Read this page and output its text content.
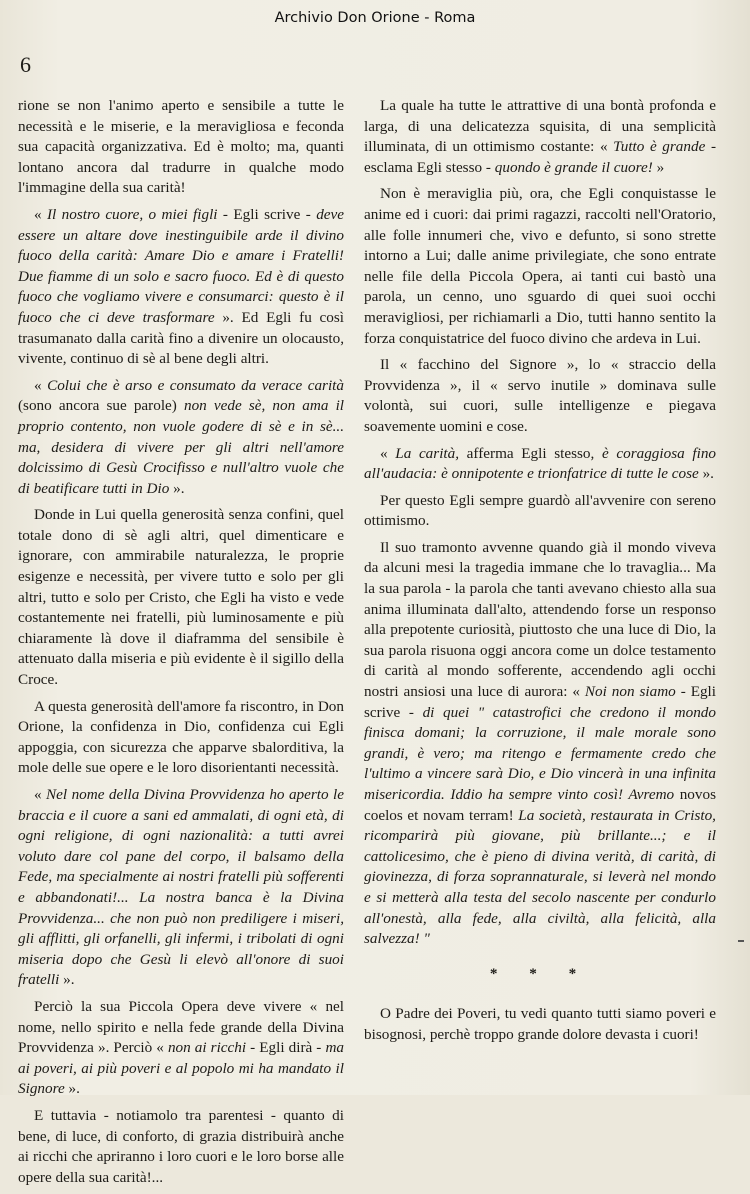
Archivio Don Orione - Roma
6

rione se non l'animo aperto e sensibile a tutte le necessità e le miserie, e la meravigliosa e feconda sua capacità organizzativa. Ed è molto; ma, quanti lontano ancora dal tradurre in qualche modo l'immagine della sua carità!

« Il nostro cuore, o miei figli - Egli scrive - deve essere un altare dove inestinguibile arde il divino fuoco della carità: Amare Dio e amare i Fratelli! Due fiamme di un solo e sacro fuoco. Ed è di questo fuoco che vogliamo vivere e consumarci: questo è il fuoco che ci deve trasformare ». Ed Egli fu così trasumanato dalla carità fino a divenire un olocausto, vivente, continuo di sè al bene degli altri.

« Colui che è arso e consumato da verace carità (sono ancora sue parole) non vede sè, non ama il proprio contento, non vuole godere di sè e in sè... ma, desidera di vivere per gli altri nell'amore dolcissimo di Gesù Crocifisso e null'altro vuole che di beatificare tutti in Dio ».

Donde in Lui quella generosità senza confini, quel totale dono di sè agli altri, quel dimenticare e ignorare, con ammirabile naturalezza, le proprie esigenze e necessità, per vivere tutto e solo per gli altri, tutto e solo per Cristo, che Egli ha visto e vede costantemente nei fratelli, più luminosamente e più chiaramente là dove il diaframma del sensibile è attenuato dalla miseria e più evidente è il sigillo della Croce.

A questa generosità dell'amore fa riscontro, in Don Orione, la confidenza in Dio, confidenza cui Egli appoggia, con sicurezza che apparve sbalorditiva, la mole delle sue opere e le loro disorientanti necessità.

« Nel nome della Divina Provvidenza ho aperto le braccia e il cuore a sani ed ammalati, di ogni età, di ogni religione, di ogni nazionalità: a tutti avrei voluto dare col pane del corpo, il balsamo della Fede, ma specialmente ai nostri fratelli più sofferenti e abbandonati!... La nostra banca è la Divina Provvidenza... che non può non prediligere i miseri, gli afflitti, gli orfanelli, gli infermi, i tribolati di ogni miseria dopo che Gesù li elevò all'onore di suoi fratelli ».

Perciò la sua Piccola Opera deve vivere « nel nome, nello spirito e nella fede grande della Divina Provvidenza ». Perciò « non ai ricchi - Egli dirà - ma ai poveri, ai più poveri e al popolo mi ha mandato il Signore ».

E tuttavia - notiamolo tra parentesi - quanto di bene, di luce, di conforto, di grazia distribuirà anche ai ricchi che apriranno i loro cuori e le loro borse alle opere della sua carità!...

La quale ha tutte le attrattive di una bontà profonda e larga, di una delicatezza squisita, di una semplicità illuminata, di un ottimismo costante: « Tutto è grande - esclama Egli stesso - quondo è grande il cuore! »

Non è meraviglia più, ora, che Egli conquistasse le anime ed i cuori: dai primi ragazzi, raccolti nell'Oratorio, alle folle innumeri che, vivo e defunto, si sono strette intorno a Lui; dalle anime privilegiate, che sono entrate nelle file della Piccola Opera, ai tanti cui bastò una parola, un cenno, uno sguardo di quei suoi occhi meravigliosi, per richiamarli a Dio, tutti hanno sentito la forza conquistatrice del fuoco divino che ardeva in Lui.

Il « facchino del Signore », lo « straccio della Provvidenza », il « servo inutile » dominava sulle volontà, sui cuori, sulle intelligenze e piegava soavemente uomini e cose.

« La carità, afferma Egli stesso, è coraggiosa fino all'audacia: è onnipotente e trionfatrice di tutte le cose ».

Per questo Egli sempre guardò all'avvenire con sereno ottimismo.

Il suo tramonto avvenne quando già il mondo viveva da alcuni mesi la tragedia immane che lo travaglia... Ma la sua parola - la parola che tanti avevano chiesto alla sua anima illuminata dall'alto, attendendo forse un responso alla prepotente curiosità, piuttosto che una luce di Dio, la sua parola risuona oggi ancora come un dolce testamento di carità al mondo sofferente, accendendo agli occhi nostri ansiosi una luce di aurora: « Noi non siamo - Egli scrive - di quei " catastrofici che credono il mondo finisca domani; la corruzione, il male morale sono grandi, è vero; ma ritengo e fermamente credo che l'ultimo a vincere sarà Dio, e Dio vincerà in una infinita misericordia. Iddio ha sempre vinto così! Avremo novos coelos et novam terram! La società, restaurata in Cristo, ricomparirà più giovane, più brillante...; e il cattolicesimo, che è pieno di divina verità, di carità, di giovinezza, di forza soprannaturale, si leverà nel mondo e si metterà alla testa del secolo nascente per condurlo all'onestà, alla fede, alla civiltà, alla felicità, alla salvezza! "

* * *

O Padre dei Poveri, tu vedi quanto tutti siamo poveri e bisognosi, perchè troppo grande dolore devasta i cuori!
